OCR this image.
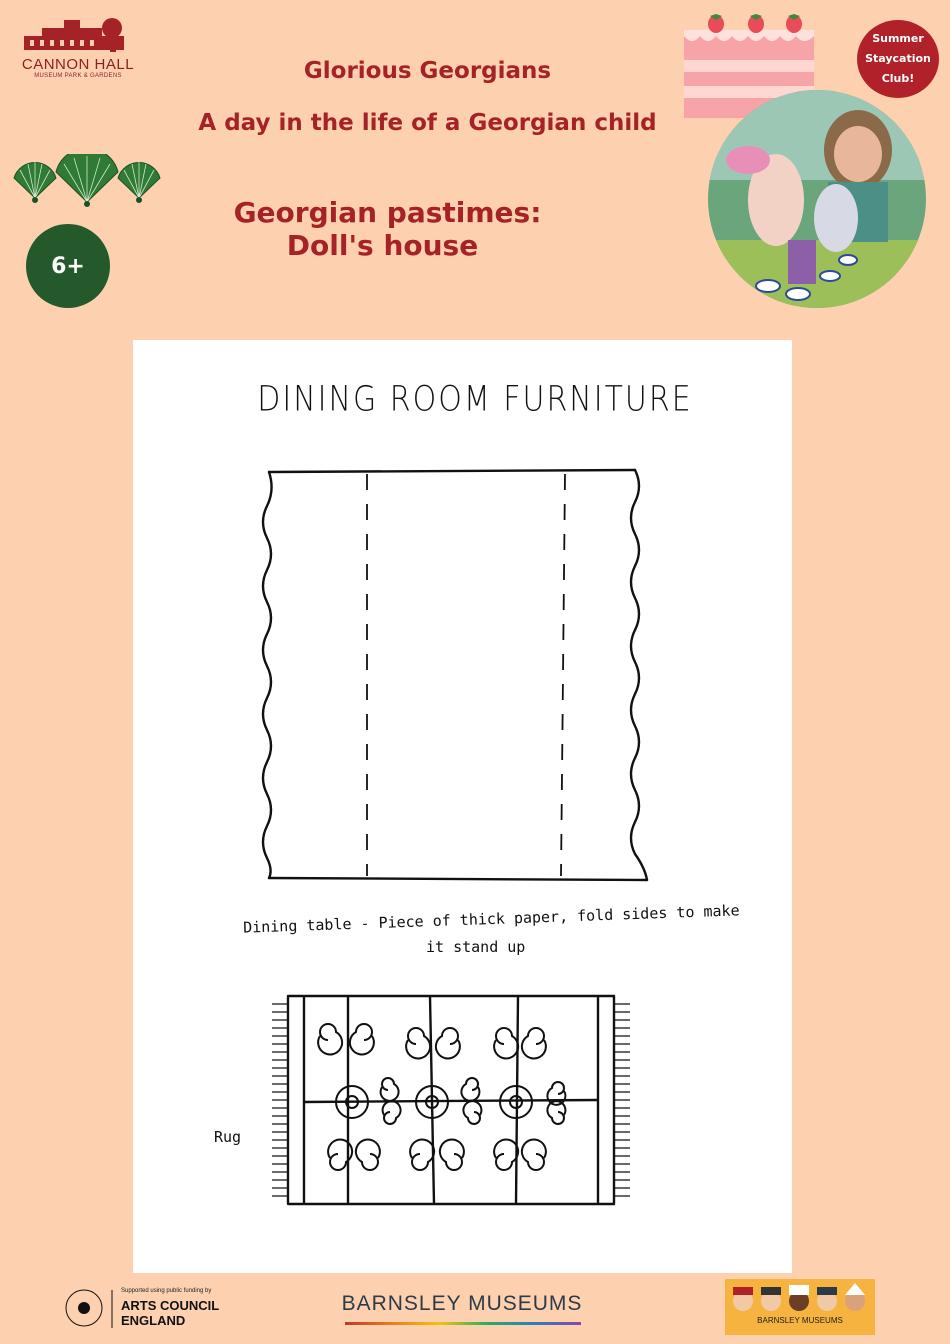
CANNON HALL
MUSEUM PARK & GARDENS	Glorious Georgians
A day in the life of a Georgian child
Georgian pastimes:
Doll's house
6+
Summer
Staycation
Club!
DINING ROOM FURNITURE
Dining table - Piece of thick paper, fold sides to make
it stand up
Rug
Supported using public funding by
ARTS COUNCIL
ENGLAND
BARNSLEY MUSEUMS
BARNSLEY MUSEUMS
